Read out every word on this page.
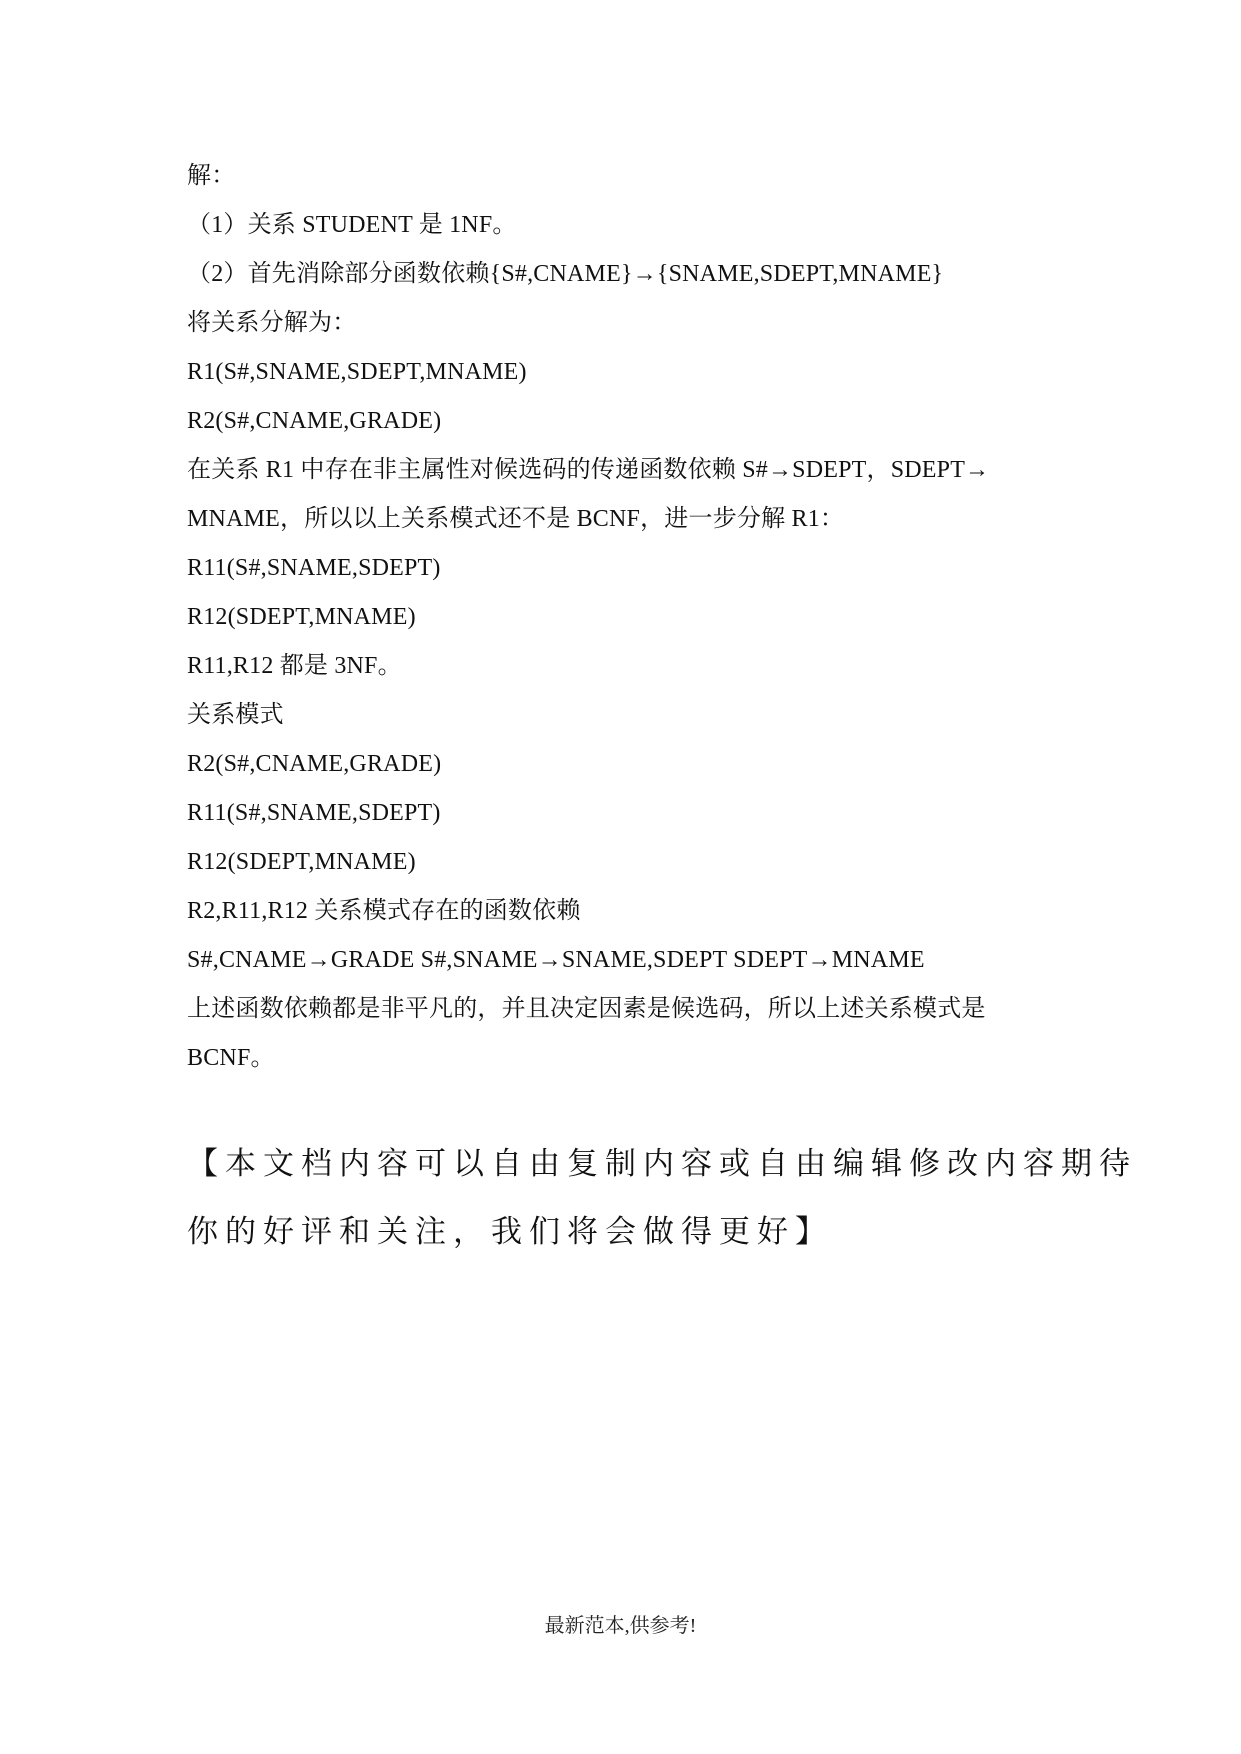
解：
（1）关系 STUDENT 是 1NF。
（2）首先消除部分函数依赖{S#,CNAME}→{SNAME,SDEPT,MNAME}
将关系分解为：
R1(S#,SNAME,SDEPT,MNAME)
R2(S#,CNAME,GRADE)
在关系 R1 中存在非主属性对候选码的传递函数依赖 S#→SDEPT，SDEPT→
MNAME，所以以上关系模式还不是 BCNF，进一步分解 R1：
R11(S#,SNAME,SDEPT)
R12(SDEPT,MNAME)
R11,R12 都是 3NF。
关系模式
R2(S#,CNAME,GRADE)
R11(S#,SNAME,SDEPT)
R12(SDEPT,MNAME)
R2,R11,R12 关系模式存在的函数依赖
S#,CNAME→GRADE S#,SNAME→SNAME,SDEPT SDEPT→MNAME
上述函数依赖都是非平凡的，并且决定因素是候选码，所以上述关系模式是
BCNF。
【本文档内容可以自由复制内容或自由编辑修改内容期待
你的好评和关注，我们将会做得更好】
最新范本,供参考!
